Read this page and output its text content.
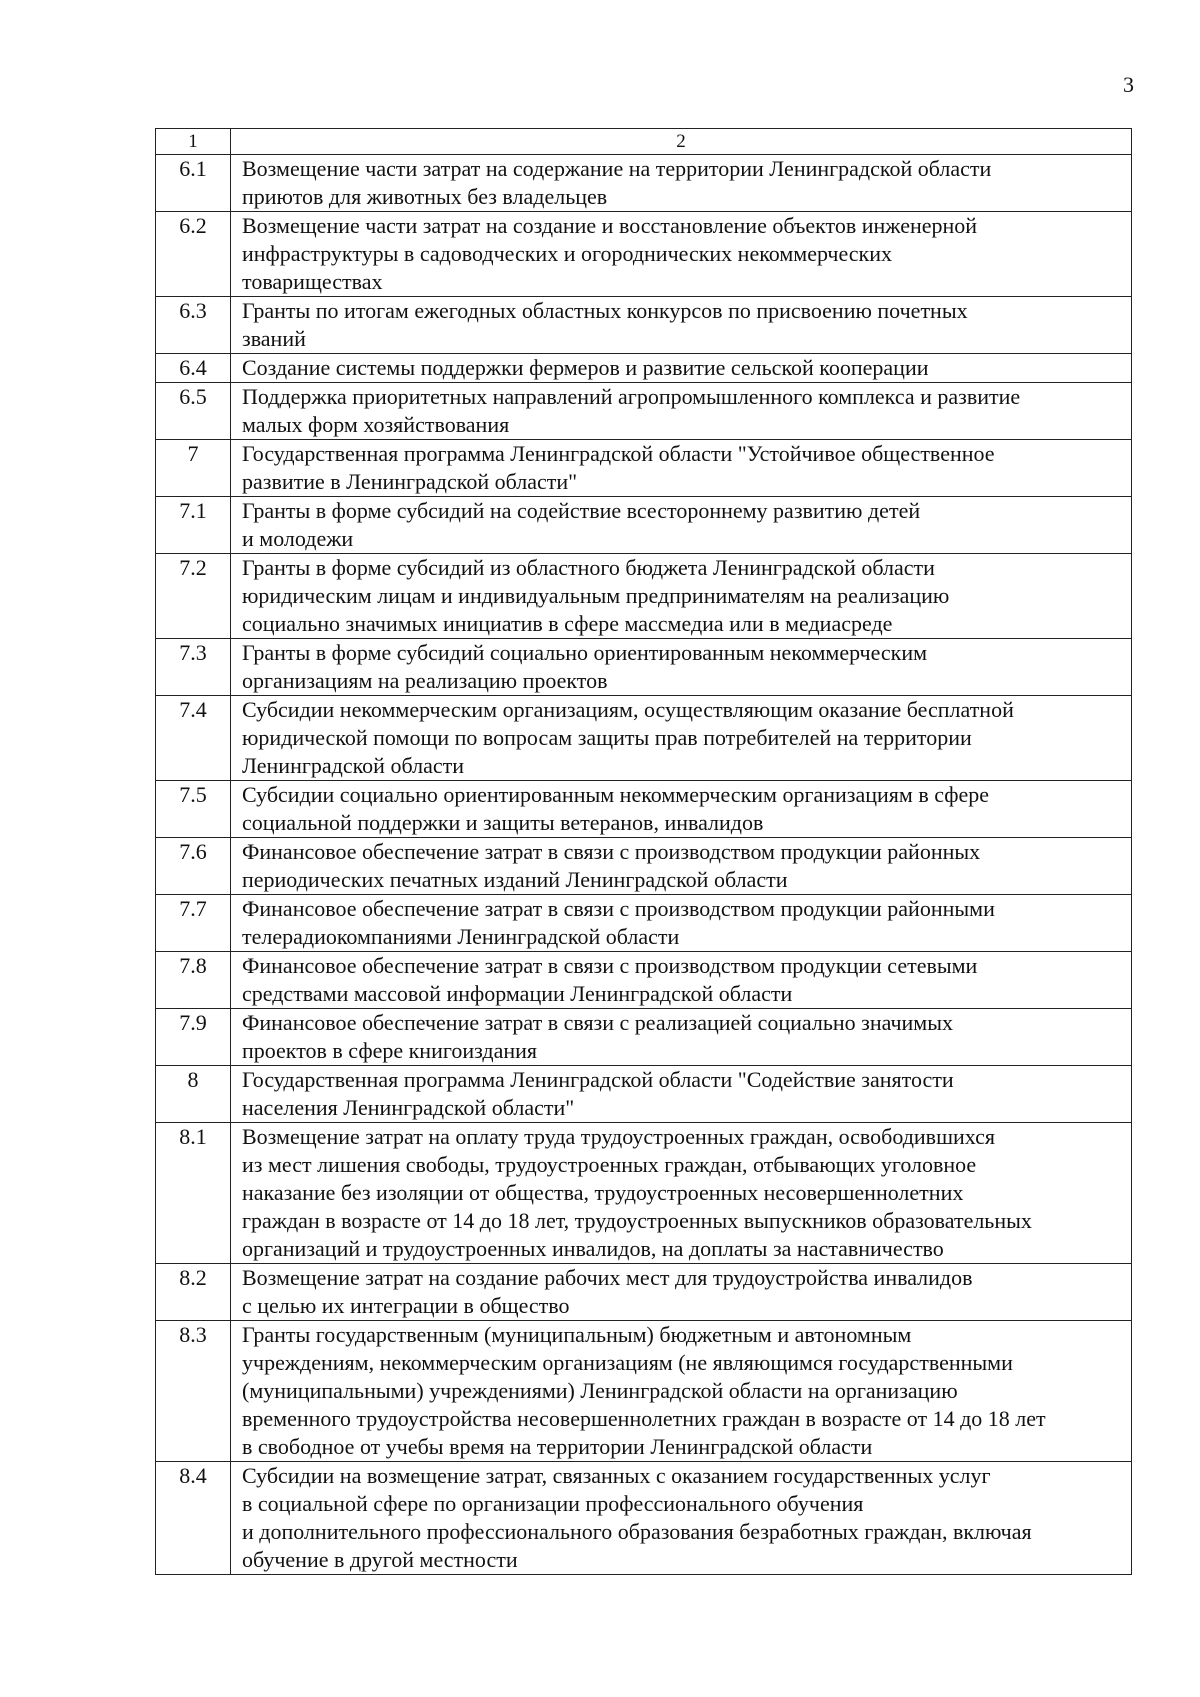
3
1	2
6.1	Возмещение части затрат на содержание на территории Ленинградской области
приютов для животных без владельцев
6.2	Возмещение части затрат на создание и восстановление объектов инженерной
инфраструктуры в садоводческих и огороднических некоммерческих
товариществах
6.3	Гранты по итогам ежегодных областных конкурсов по присвоению почетных
званий
6.4	Создание системы поддержки фермеров и развитие сельской кооперации
6.5	Поддержка приоритетных направлений агропромышленного комплекса и развитие
малых форм хозяйствования
7	Государственная программа Ленинградской области "Устойчивое общественное
развитие в Ленинградской области"
7.1	Гранты в форме субсидий на содействие всестороннему развитию детей
и молодежи
7.2	Гранты в форме субсидий из областного бюджета Ленинградской области
юридическим лицам и индивидуальным предпринимателям на реализацию
социально значимых инициатив в сфере массмедиа или в медиасреде
7.3	Гранты в форме субсидий социально ориентированным некоммерческим
организациям на реализацию проектов
7.4	Субсидии некоммерческим организациям, осуществляющим оказание бесплатной
юридической помощи по вопросам защиты прав потребителей на территории
Ленинградской области
7.5	Субсидии социально ориентированным некоммерческим организациям в сфере
социальной поддержки и защиты ветеранов, инвалидов
7.6	Финансовое обеспечение затрат в связи с производством продукции районных
периодических печатных изданий Ленинградской области
7.7	Финансовое обеспечение затрат в связи с производством продукции районными
телерадиокомпаниями Ленинградской области
7.8	Финансовое обеспечение затрат в связи с производством продукции сетевыми
средствами массовой информации Ленинградской области
7.9	Финансовое обеспечение затрат в связи с реализацией социально значимых
проектов в сфере книгоиздания
8	Государственная программа Ленинградской области "Содействие занятости
населения Ленинградской области"
8.1	Возмещение затрат на оплату труда трудоустроенных граждан, освободившихся
из мест лишения свободы, трудоустроенных граждан, отбывающих уголовное
наказание без изоляции от общества, трудоустроенных несовершеннолетних
граждан в возрасте от 14 до 18 лет, трудоустроенных выпускников образовательных
организаций и трудоустроенных инвалидов, на доплаты за наставничество
8.2	Возмещение затрат на создание рабочих мест для трудоустройства инвалидов
с целью их интеграции в общество
8.3	Гранты государственным (муниципальным) бюджетным и автономным
учреждениям, некоммерческим организациям (не являющимся государственными
(муниципальными) учреждениями) Ленинградской области на организацию
временного трудоустройства несовершеннолетних граждан в возрасте от 14 до 18 лет
в свободное от учебы время на территории Ленинградской области
8.4	Субсидии на возмещение затрат, связанных с оказанием государственных услуг
в социальной сфере по организации профессионального обучения
и дополнительного профессионального образования безработных граждан, включая
обучение в другой местности
